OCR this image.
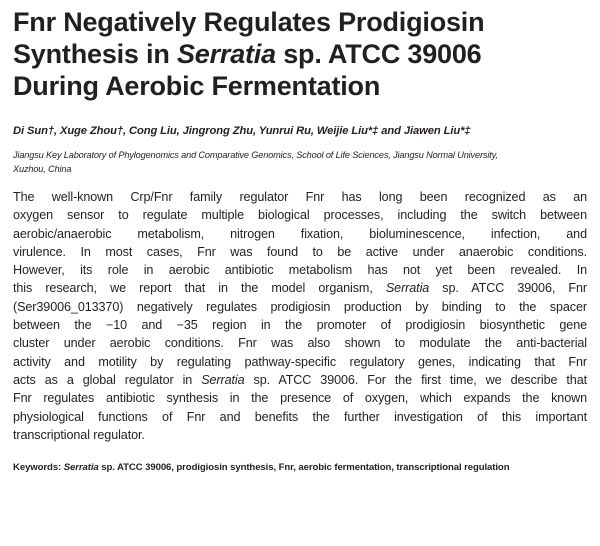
Fnr Negatively Regulates Prodigiosin
Synthesis in Serratia sp. ATCC 39006
During Aerobic Fermentation
Di Sun†, Xuge Zhou†, Cong Liu, Jingrong Zhu, Yunrui Ru, Weijie Liu*‡ and Jiawen Liu*‡
Jiangsu Key Laboratory of Phylogenomics and Comparative Genomics, School of Life Sciences, Jiangsu Normal University,
Xuzhou, China
The well-known Crp/Fnr family regulator Fnr has long been recognized as an
oxygen sensor to regulate multiple biological processes, including the switch between
aerobic/anaerobic metabolism, nitrogen fixation, bioluminescence, infection, and
virulence. In most cases, Fnr was found to be active under anaerobic conditions.
However, its role in aerobic antibiotic metabolism has not yet been revealed. In
this research, we report that in the model organism, Serratia sp. ATCC 39006, Fnr
(Ser39006_013370) negatively regulates prodigiosin production by binding to the spacer
between the −10 and −35 region in the promoter of prodigiosin biosynthetic gene
cluster under aerobic conditions. Fnr was also shown to modulate the anti-bacterial
activity and motility by regulating pathway-specific regulatory genes, indicating that Fnr
acts as a global regulator in Serratia sp. ATCC 39006. For the first time, we describe that
Fnr regulates antibiotic synthesis in the presence of oxygen, which expands the known
physiological functions of Fnr and benefits the further investigation of this important
transcriptional regulator.
Keywords: Serratia sp. ATCC 39006, prodigiosin synthesis, Fnr, aerobic fermentation, transcriptional regulation
